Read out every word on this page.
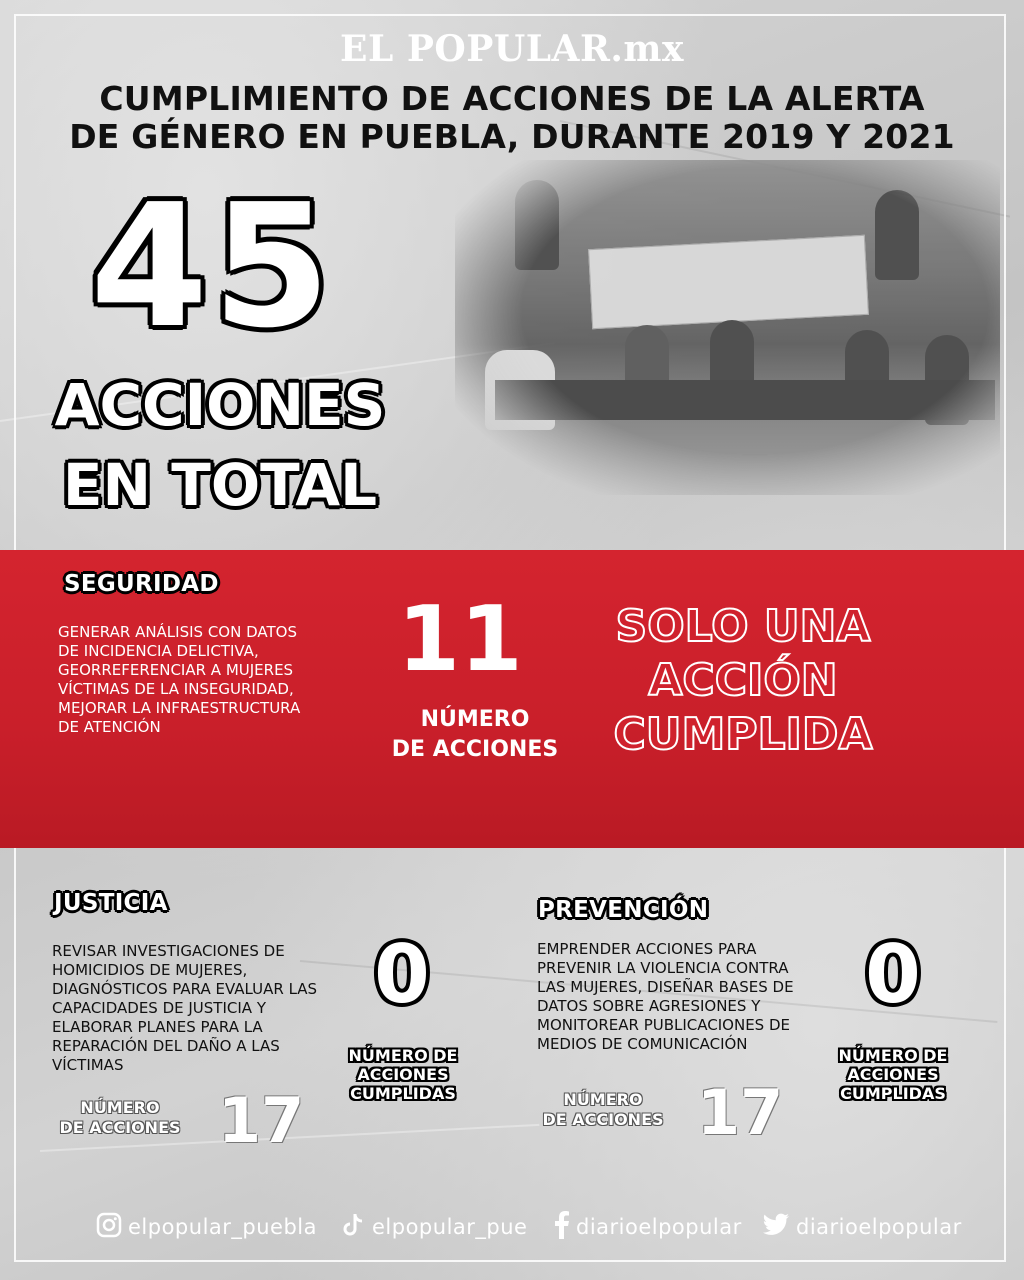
EL POPULAR.mx
CUMPLIMIENTO DE ACCIONES DE LA ALERTA
DE GÉNERO EN PUEBLA, DURANTE 2019 Y 2021
45
ACCIONES
EN TOTAL
SEGURIDAD
GENERAR ANÁLISIS CON DATOS DE INCIDENCIA DELICTIVA, GEORREFERENCIAR A MUJERES VÍCTIMAS DE LA INSEGURIDAD, MEJORAR LA INFRAESTRUCTURA DE ATENCIÓN
11
NÚMERO
DE ACCIONES
SOLO UNA
ACCIÓN
CUMPLIDA
JUSTICIA
REVISAR INVESTIGACIONES DE HOMICIDIOS DE MUJERES, DIAGNÓSTICOS PARA EVALUAR LAS CAPACIDADES DE JUSTICIA Y ELABORAR PLANES PARA LA REPARACIÓN DEL DAÑO A LAS VÍCTIMAS
0
NÚMERO DE
ACCIONES
CUMPLIDAS
NÚMERO
DE ACCIONES 17
PREVENCIÓN
EMPRENDER ACCIONES PARA PREVENIR LA VIOLENCIA CONTRA LAS MUJERES, DISEÑAR BASES DE DATOS SOBRE AGRESIONES Y MONITOREAR PUBLICACIONES DE MEDIOS DE COMUNICACIÓN
0
NÚMERO DE
ACCIONES
CUMPLIDAS
NÚMERO
DE ACCIONES 17
elpopular_puebla	elpopular_pue diarioelpopular	diarioelpopular
